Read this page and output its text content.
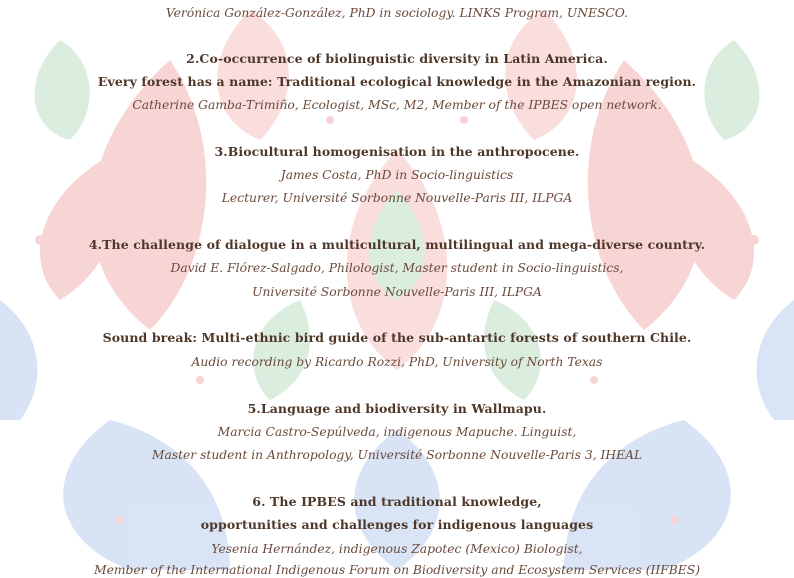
Verónica González-González, PhD in sociology. LINKS Program, UNESCO.
2.Co-occurrence of biolinguistic diversity in Latin America.
Every forest has a name: Traditional ecological knowledge in the Amazonian region.
Catherine Gamba-Trimiño, Ecologist, MSc, M2, Member of the IPBES open network.
3.Biocultural homogenisation in the anthropocene.
James Costa, PhD in Socio-linguistics
Lecturer, Université Sorbonne Nouvelle-Paris III, ILPGA
4.The challenge of dialogue in a multicultural, multilingual and mega-diverse country.
David E. Flórez-Salgado, Philologist, Master student in Socio-linguistics,
Université Sorbonne Nouvelle-Paris III, ILPGA
Sound break: Multi-ethnic bird guide of the sub-antartic forests of southern Chile.
Audio recording by Ricardo Rozzi, PhD, University of North Texas
5.Language and biodiversity in Wallmapu.
Marcia Castro-Sepúlveda, indigenous Mapuche. Linguist,
Master student in Anthropology, Université Sorbonne Nouvelle-Paris 3, IHEAL
6. The IPBES and traditional knowledge,
opportunities and challenges for indigenous languages
Yesenia Hernández, indigenous Zapotec (Mexico) Biologist,
Member of the International Indigenous Forum on Biodiversity and Ecosystem Services (IIFBES)
